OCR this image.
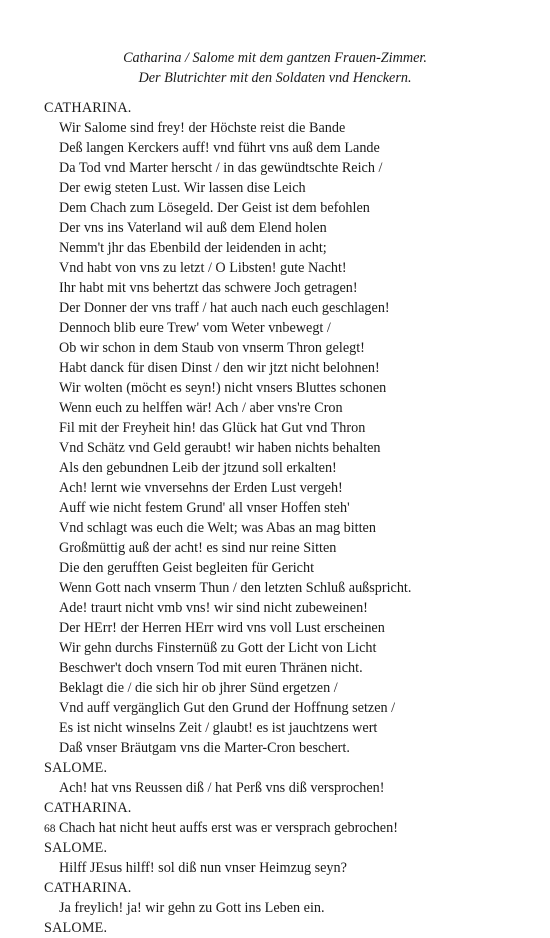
Catharina / Salome mit dem gantzen Frauen-Zimmer.
Der Blutrichter mit den Soldaten vnd Henckern.
CATHARINA.
Wir Salome sind frey! der Höchste reist die Bande
Deß langen Kerckers auff! vnd führt vns auß dem Lande
Da Tod vnd Marter herscht / in das gewündtschte Reich /
Der ewig steten Lust. Wir lassen dise Leich
Dem Chach zum Lösegeld. Der Geist ist dem befohlen
Der vns ins Vaterland wil auß dem Elend holen
Nemm't jhr das Ebenbild der leidenden in acht;
Vnd habt von vns zu letzt / O Libsten! gute Nacht!
Ihr habt mit vns behertzt das schwere Joch getragen!
Der Donner der vns traff / hat auch nach euch geschlagen!
Dennoch blib eure Trew' vom Weter vnbewegt /
Ob wir schon in dem Staub von vnserm Thron gelegt!
Habt danck für disen Dinst / den wir jtzt nicht belohnen!
Wir wolten (möcht es seyn!) nicht vnsers Bluttes schonen
Wenn euch zu helffen wär! Ach / aber vns're Cron
Fil mit der Freyheit hin! das Glück hat Gut vnd Thron
Vnd Schätz vnd Geld geraubt! wir haben nichts behalten
Als den gebundnen Leib der jtzund soll erkalten!
Ach! lernt wie vnversehns der Erden Lust vergeh!
Auff wie nicht festem Grund' all vnser Hoffen steh'
Vnd schlagt was euch die Welt; was Abas an mag bitten
Großmüttig auß der acht! es sind nur reine Sitten
Die den gerufften Geist begleiten für Gericht
Wenn Gott nach vnserm Thun / den letzten Schluß außspricht.
Ade! traurt nicht vmb vns! wir sind nicht zubeweinen!
Der HErr! der Herren HErr wird vns voll Lust erscheinen
Wir gehn durchs Finsternüß zu Gott der Licht von Licht
Beschwer't doch vnsern Tod mit euren Thränen nicht.
Beklagt die / die sich hir ob jhrer Sünd ergetzen /
Vnd auff vergänglich Gut den Grund der Hoffnung setzen /
Es ist nicht winselns Zeit / glaubt! es ist jauchtzens wert
Daß vnser Bräutgam vns die Marter-Cron beschert.
SALOME.
Ach! hat vns Reussen diß / hat Perß vns diß versprochen!
CATHARINA.
Chach hat nicht heut auffs erst was er versprach gebrochen!
SALOME.
Hilff JEsus hilff! sol diß nun vnser Heimzug seyn?
CATHARINA.
Ja freylich! ja! wir gehn zu Gott ins Leben ein.
SALOME.
68
